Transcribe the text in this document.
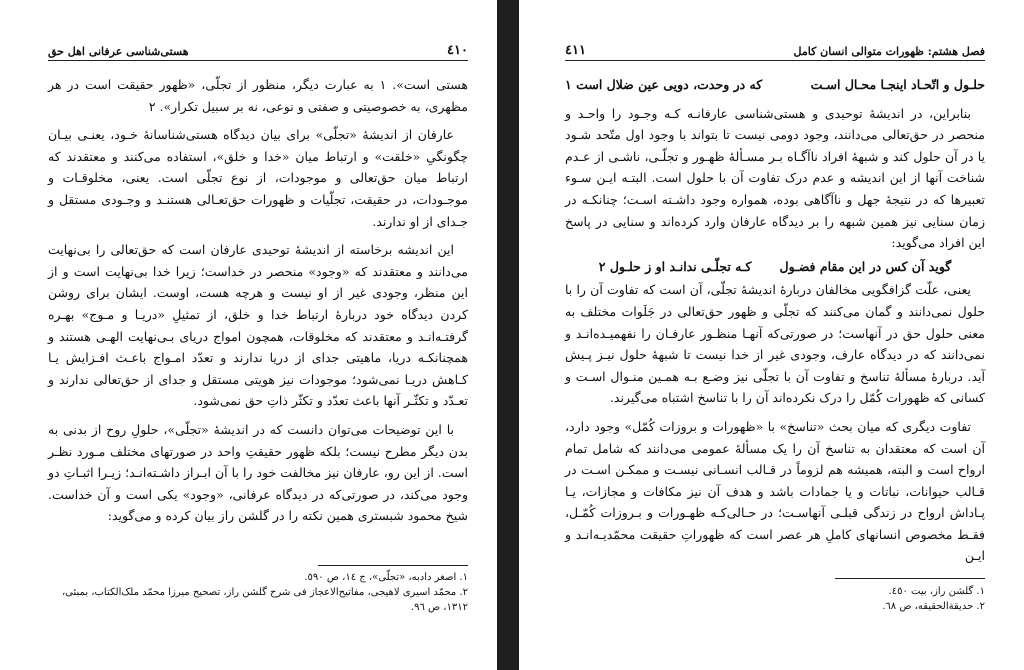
٤١٠
هستی‌شناسی عرفانی اهل حق

هستی است». ۱ به عبارت دیگر، منظور از تجلّی، «ظهور حقیقت است در هر مظهری، به خصوصیتی و صفتی و نوعی، نه بر سبیل تکرار». ۲

عارفان از اندیشهٔ «تجلّی» برای بیان دیدگاه هستی‌شناسانهٔ خـود، یعنـی بیـان چگونگیِ «خلقت» و ارتباط میان «خدا و خلق»، استفاده می‌کنند و معتقدند که ارتباط میان حق‌تعالی و موجودات، از نوع تجلّی است. یعنی، مخلوقـات و موجـودات، در حقیقت، تجلّیات و ظهورات حق‌تعـالی هستنـد و وجـودی مستقل و جـدای از او ندارند.

این اندیشه برخاسته از اندیشهٔ توحیدی عارفان است که حق‌تعالی را بی‌نهایت می‌دانند و معتقدند که «وجود» منحصر در خداست؛ زیرا خدا بی‌نهایت است و از این منظر، وجودی غیر از او نیست و هرچه هست، اوست. ایشان برای روشن کردن دیدگاه خود دربارهٔ ارتباط خدا و خلق، از تمثیلِ «دریـا و مـوج» بهـره گرفتـه‌انـد و معتقدند که مخلوقات، همچون امواج دریای بـی‌نهایت الهـی هستند و همچنانکـه دریا، ماهیتی جدای از دریا ندارند و تعدّد امـواج باعـث افـزایش یـا کـاهش دریـا نمی‌شود؛ موجودات نیز هویتی مستقل و جدای از حق‌تعالی ندارند و تعـدّد و تکثّـر آنها باعث تعدّد و تکثّر ذاتِ حق نمی‌شود.

با این توضیحات می‌توان دانست که در اندیشهٔ «تجلّی»، حلولِ روح از بدنی به بدن دیگر مطرح نیست؛ بلکه ظهور حقیقتِ واحد در صورتهای مختلف مـورد نظـر است. از این رو، عارفان نیز مخالفت خود را با آن ابـراز داشـته‌انـد؛ زیـرا اثبـاتِ دو وجود می‌کند، در صورتی‌که در دیدگاه عرفانی، «وجود» یکی است و آن خداست. شیخ محمود شبستری همین نکته را در گلشن راز بیان کرده و می‌گوید:

١. اصغر دادبه، «تجلّی»، ج ١٤، ص ٥٩٠.

٢. محمّد اسیری لاهیجی، مفاتیح‌الاعجاز فی شرح گلشن راز، تصحیح میرزا محمّد ملک‌الکتاب، بمبئی، ١٣١٢، ص ٩٦.

فصل هشتم: ظهورات متوالی انسان کامل
٤١١
حلـول و اتّحـاد اینجـا محـال اسـت
که در وحدت، دویی عین ضلال است ۱

بنابراین، در اندیشهٔ توحیدی و هستی‌شناسی عارفانـه کـه وجـود را واحـد و منحصر در حق‌تعالی می‌دانند، وجود دومی نیست تا بتواند با وجود اول متّحد شـود یا در آن حلول کند و شبههٔ افراد ناآگـاه بـر مسـألهٔ ظهـور و تجلّـی، ناشـی از عـدم شناخت آنها از این اندیشه و عدم درک تفاوت آن با حلول است. البتـه ایـن سـوء تعبیرها که در نتیجهٔ جهل و ناآگاهی بوده، همواره وجود داشـته اسـت؛ چنانکـه در زمان سنایی نیز همین شبهه را بر دیدگاه عارفان وارد کرده‌اند و سنایی در پاسخ این افراد می‌گوید:

گوید آن کس در این مقام فضـول
کـه تجلّـی ندانـد او ز حلـول ۲

یعنی، علّت گزافگویی مخالفان دربارهٔ اندیشهٔ تجلّی، آن است که تفاوت آن را با حلول نمی‌دانند و گمان می‌کنند که تجلّی و ظهور حق‌تعالی در جَلَوات مختلف به معنی حلول حق در آنهاست؛ در صورتی‌که آنهـا منظـور عارفـان را نفهمیـده‌انـد و نمی‌دانند که در دیدگاه عارف، وجودی غیر از خدا نیست تا شبههٔ حلول نیـز پـیش آید. دربارهٔ مسألهٔ تناسخ و تفاوت آن با تجلّی نیز وضـع بـه همـین منـوال اسـت و کسانی که ظهورات کُمّل را درک نکرده‌اند آن را با تناسخ اشتباه می‌گیرند.

تفاوت دیگری که میان بحث «تناسخ» با «ظهورات و بروزات کُمّل» وجود دارد، آن است که معتقدان به تناسخ آن را یک مسألهٔ عمومی می‌دانند که شامل تمام ارواح است و البته، همیشه هم لزوماً در قـالب انسـانی نیسـت و ممکـن اسـت در قـالب حیوانات، نباتات و یا جمادات باشد و هدف آن نیز مکافات و مجازات، یـا پـاداش ارواح در زندگی قبلـی آنهاسـت؛ در حـالی‌کـه ظهـورات و بـروزات کُمّـل، فقـط مخصوص انسانهای کاملِ هر عصر است که ظهوراتِ حقیقت محمّدیـه‌انـد و ایـن

١. گلشن راز، بیت ٤٥٠.

٢. حدیقةالحقیقه، ص ٦٨.
